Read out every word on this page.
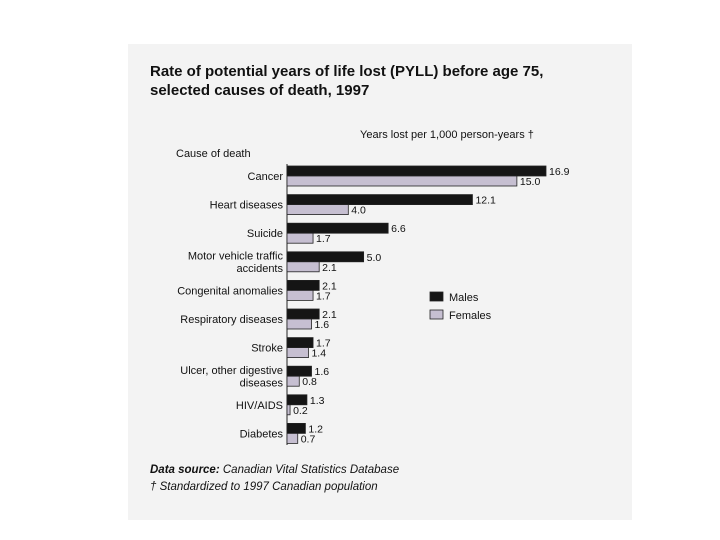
Rate of potential years of life lost (PYLL) before age 75,
selected causes of death, 1997
Years lost per 1,000 person-years †
Cause of death
Cancer
Heart diseases
Suicide
Motor vehicle traffic
accidents
Congenital anomalies
Respiratory diseases
Stroke
Ulcer, other digestive
diseases
HIV/AIDS
Diabetes
16.9
15.0
12.1
4.0
6.6
1.7
5.0
2.1
2.1
1.7
2.1
1.6
1.7
1.4
1.6
0.8
1.3
0.2
1.2
0.7
Males
Females
Data source: Canadian Vital Statistics Database
† Standardized to 1997 Canadian population
